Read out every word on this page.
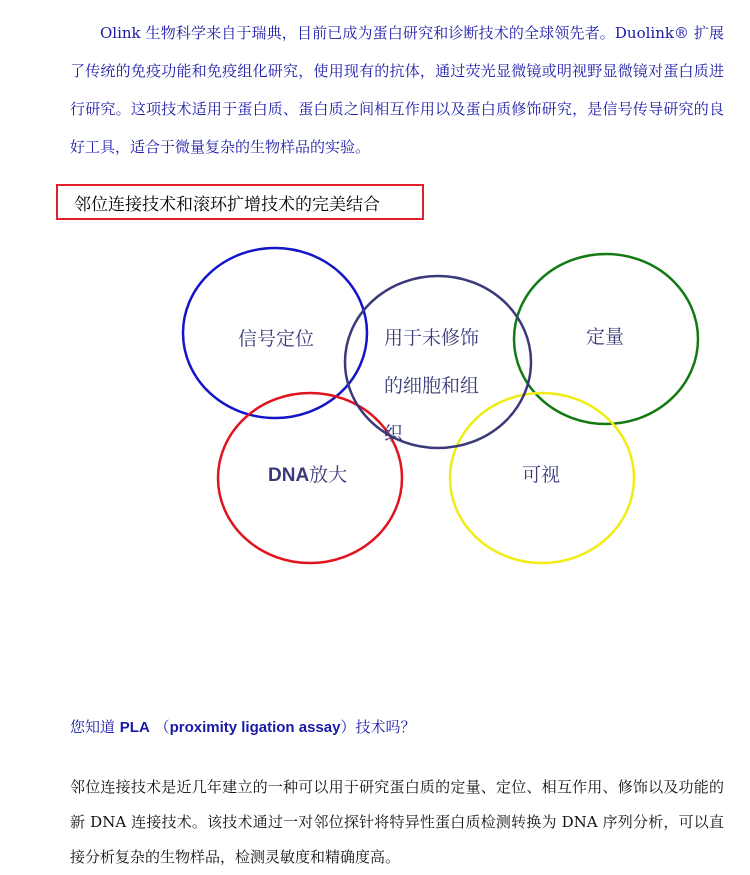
Olink 生物科学来自于瑞典，目前已成为蛋白研究和诊断技术的全球领先者。Duolink® 扩展了传统的免疫功能和免疫组化研究，使用现有的抗体，通过荧光显微镜或明视野显微镜对蛋白质进行研究。这项技术适用于蛋白质、蛋白质之间相互作用以及蛋白质修饰研究，是信号传导研究的良好工具，适合于微量复杂的生物样品的实验。

邻位连接技术和滚环扩增技术的完美结合
信号定位	用于未修饰的细胞和组织
定量
DNA放大	可视
您知道 PLA （proximity ligation assay）技术吗？

邻位连接技术是近几年建立的一种可以用于研究蛋白质的定量、定位、相互作用、修饰以及功能的新 DNA 连接技术。该技术通过一对邻位探针将特异性蛋白质检测转换为 DNA 序列分析，可以直接分析复杂的生物样品，检测灵敏度和精确度高。
